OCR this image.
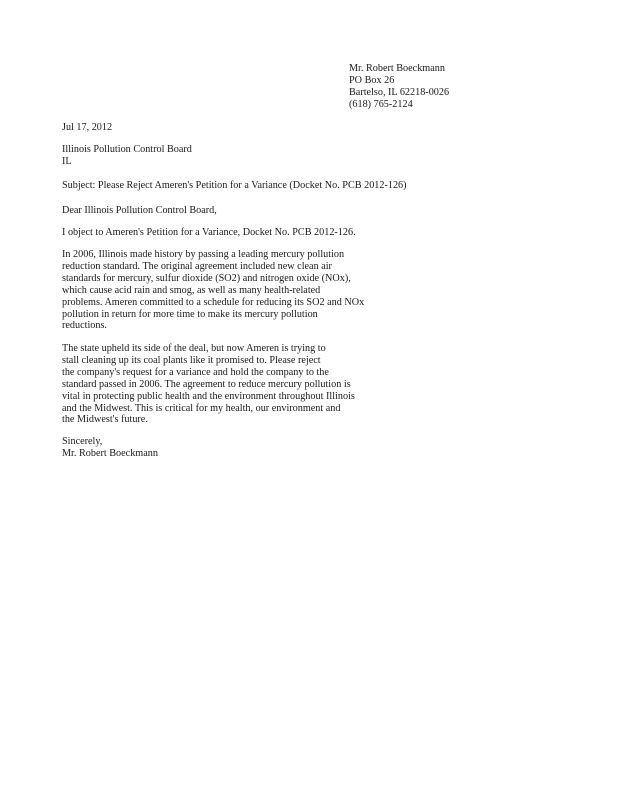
Mr. Robert Boeckmann
PO Box 26
Bartelso, IL 62218-0026
(618) 765-2124
Jul 17, 2012
Illinois Pollution Control Board
IL
Subject: Please Reject Ameren's Petition for a Variance (Docket No. PCB 2012-126)
Dear Illinois Pollution Control Board,
I object to Ameren's Petition for a Variance, Docket No. PCB 2012-126.
In 2006, Illinois made history by passing a leading mercury pollution
reduction standard. The original agreement included new clean air
standards for mercury, sulfur dioxide (SO2) and nitrogen oxide (NOx),
which cause acid rain and smog, as well as many health-related
problems. Ameren committed to a schedule for reducing its SO2 and NOx
pollution in return for more time to make its mercury pollution
reductions.
The state upheld its side of the deal, but now Ameren is trying to
stall cleaning up its coal plants like it promised to. Please reject
the company's request for a variance and hold the company to the
standard passed in 2006. The agreement to reduce mercury pollution is
vital in protecting public health and the environment throughout Illinois
and the Midwest. This is critical for my health, our environment and
the Midwest's future.
Sincerely,
Mr. Robert Boeckmann
